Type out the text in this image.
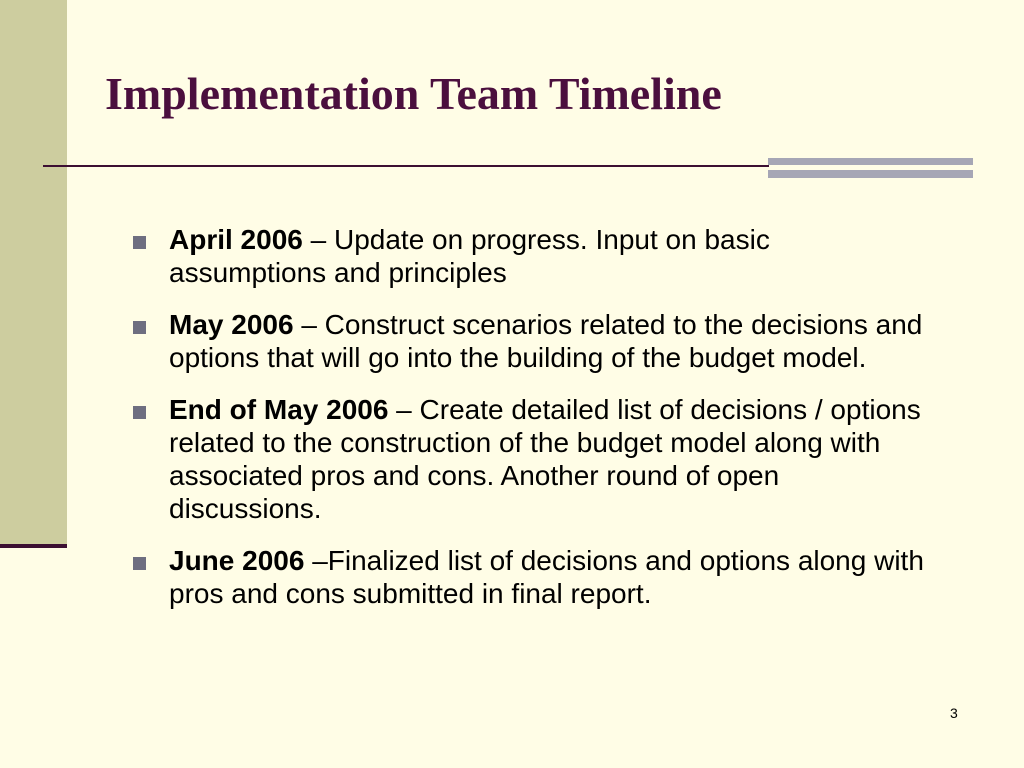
Implementation Team Timeline
April 2006 – Update on progress. Input on basic assumptions and principles
May 2006 – Construct scenarios related to the decisions and options that will go into the building of the budget model.
End of May 2006 – Create detailed list of decisions / options related to the construction of the budget model along with associated pros and cons. Another round of open discussions.
June 2006 –Finalized list of decisions and options along with pros and cons submitted in final report.
3
